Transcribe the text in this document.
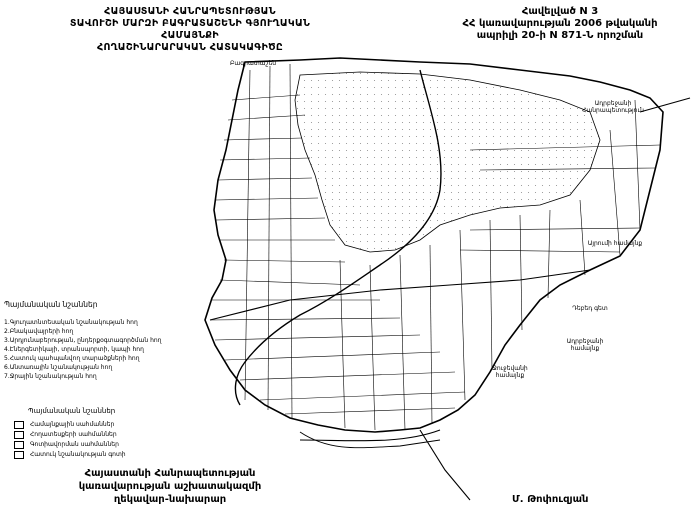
ՀԱՅԱՍՏԱՆԻ ՀԱՆՐԱՊԵՏՈՒԹՅԱՆ
ՏԱՎՈՒՇԻ ՄԱՐԶԻ ԲԱԳՐԱՏԱՇԵՆԻ ԳՅՈՒՂԱԿԱՆ ՀԱՄԱՅՆՔԻ
ՀՈՂԱՇԻՆԱՐԱՐԱԿԱՆ ՀԱՏԱԿԱԳԻԾԸ
Հավելված N 3
ՀՀ կառավարության 2006 թվականի
ապրիլի 20-ի N 871-Ն որոշման
Բագրատաշեն
Ադրբեջանի Հանրապետություն
Այրումի համայնք
Դեբեդ գետ
Ադրբեջանի համայնք
Ջուջեվանի համայնք
Պայմանական նշաններ
1.Գյուղատնտեսական նշանակության հող
2.Բնակավայրերի հող
3.Արդյունաբերության, ընդերքօգտագործման հող
4.Էներգետիկայի, տրանսպորտի, կապի հող
5.Հատուկ պահպանվող տարածքների հող
6.Անտառային նշանակության հող
7.Ջրային նշանակության հող
Պայմանական նշաններ
Համայնքային սահմաններ
Հողատեսքերի սահմաններ
Գոտիավորման սահմաններ
Հատուկ նշանակության գոտի
Հայաստանի Հանրապետության
կառավարության աշխատակազմի
ղեկավար-նախարար	Մ. Թոփուզյան
